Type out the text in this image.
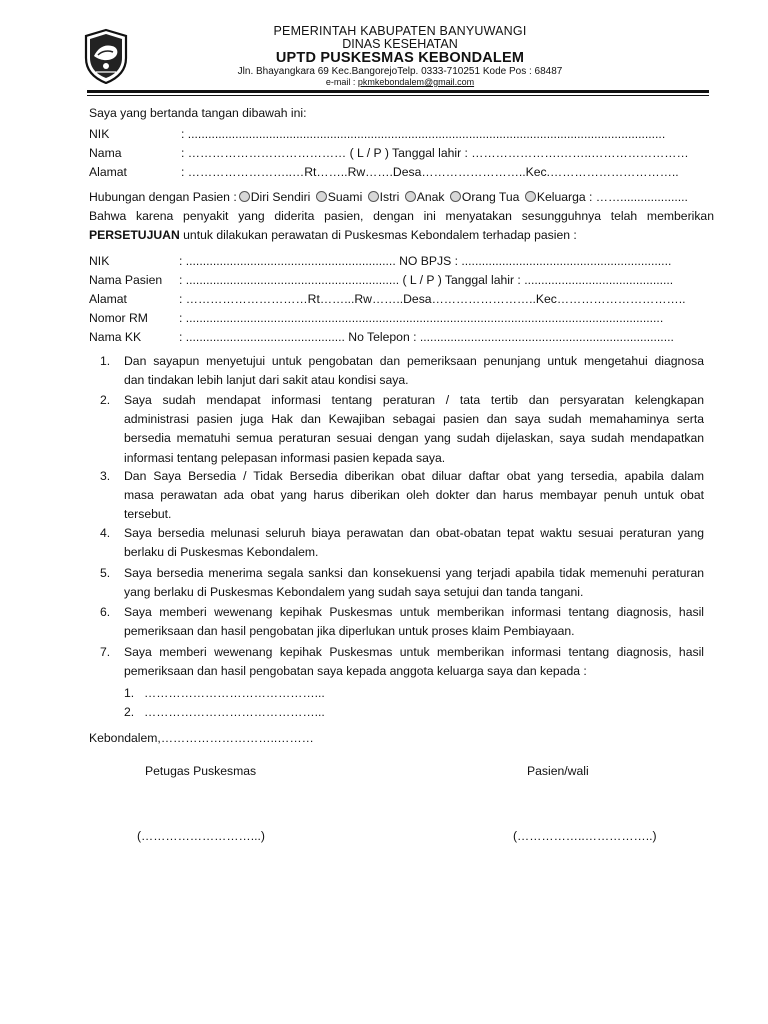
PEMERINTAH KABUPATEN BANYUWANGI
DINAS KESEHATAN
UPTD PUSKESMAS KEBONDALEM
Jln. Bhayangkara 69 Kec.BangorejoTelp. 0333-710251 Kode Pos : 68487
e-mail : pkmkebondalem@gmail.com
Saya yang bertanda tangan dibawah ini:
NIK	: .............................................................................................................................................
Nama	: ………………………………… ( L / P ) Tanggal lahir : ………………….……..……………………
Alamat	: ……………………..…Rt……..Rw…….Desa……………………..Kec.…………………………..
Hubungan dengan Pasien : Diri Sendiri Suami Istri Anak Orang Tua Keluarga : ……....................
Bahwa karena penyakit yang diderita pasien, dengan ini menyatakan sesungguhnya telah memberikan
PERSETUJUAN untuk dilakukan perawatan di Puskesmas Kebondalem terhadap pasien :
NIK	: .............................................................. NO BPJS : ..............................................................
Nama Pasien : ............................................................... ( L / P ) Tanggal lahir : ............................................
Alamat	: …………………………Rt……...Rw……..Desa……………………..Kec…………………………..
Nomor RM	: .............................................................................................................................................
Nama KK	: ............................................... No Telepon : ...........................................................................
1. Dan sayapun menyetujui untuk pengobatan dan pemeriksaan penunjang untuk mengetahui diagnosa
dan tindakan lebih lanjut dari sakit atau kondisi saya.
2. Saya sudah mendapat informasi tentang peraturan / tata tertib dan persyaratan kelengkapan
administrasi pasien juga Hak dan Kewajiban sebagai pasien dan saya sudah memahaminya serta
bersedia mematuhi semua peraturan sesuai dengan yang sudah dijelaskan, saya sudah mendapatkan
informasi tentang pelepasan informasi pasien kepada saya.
3. Dan Saya Bersedia / Tidak Bersedia diberikan obat diluar daftar obat yang tersedia, apabila dalam
masa perawatan ada obat yang harus diberikan oleh dokter dan harus membayar penuh untuk obat
tersebut.
4. Saya bersedia melunasi seluruh biaya perawatan dan obat-obatan tepat waktu sesuai peraturan yang
berlaku di Puskesmas Kebondalem.
5. Saya bersedia menerima segala sanksi dan konsekuensi yang terjadi apabila tidak memenuhi peraturan
yang berlaku di Puskesmas Kebondalem yang sudah saya setujui dan tanda tangani.
6. Saya memberi wewenang kepihak Puskesmas untuk memberikan informasi tentang diagnosis, hasil
pemeriksaan dan hasil pengobatan jika diperlukan untuk proses klaim Pembiayaan.
7. Saya memberi wewenang kepihak Puskesmas untuk memberikan informasi tentang diagnosis, hasil
pemeriksaan dan hasil pengobatan saya kepada anggota keluarga saya dan kepada :
1. ……………………………………...
2. ……………………………………...
Kebondalem,………………………..………
Petugas Puskesmas	Pasien/wali
(………………………...)	(……………..……………..)
